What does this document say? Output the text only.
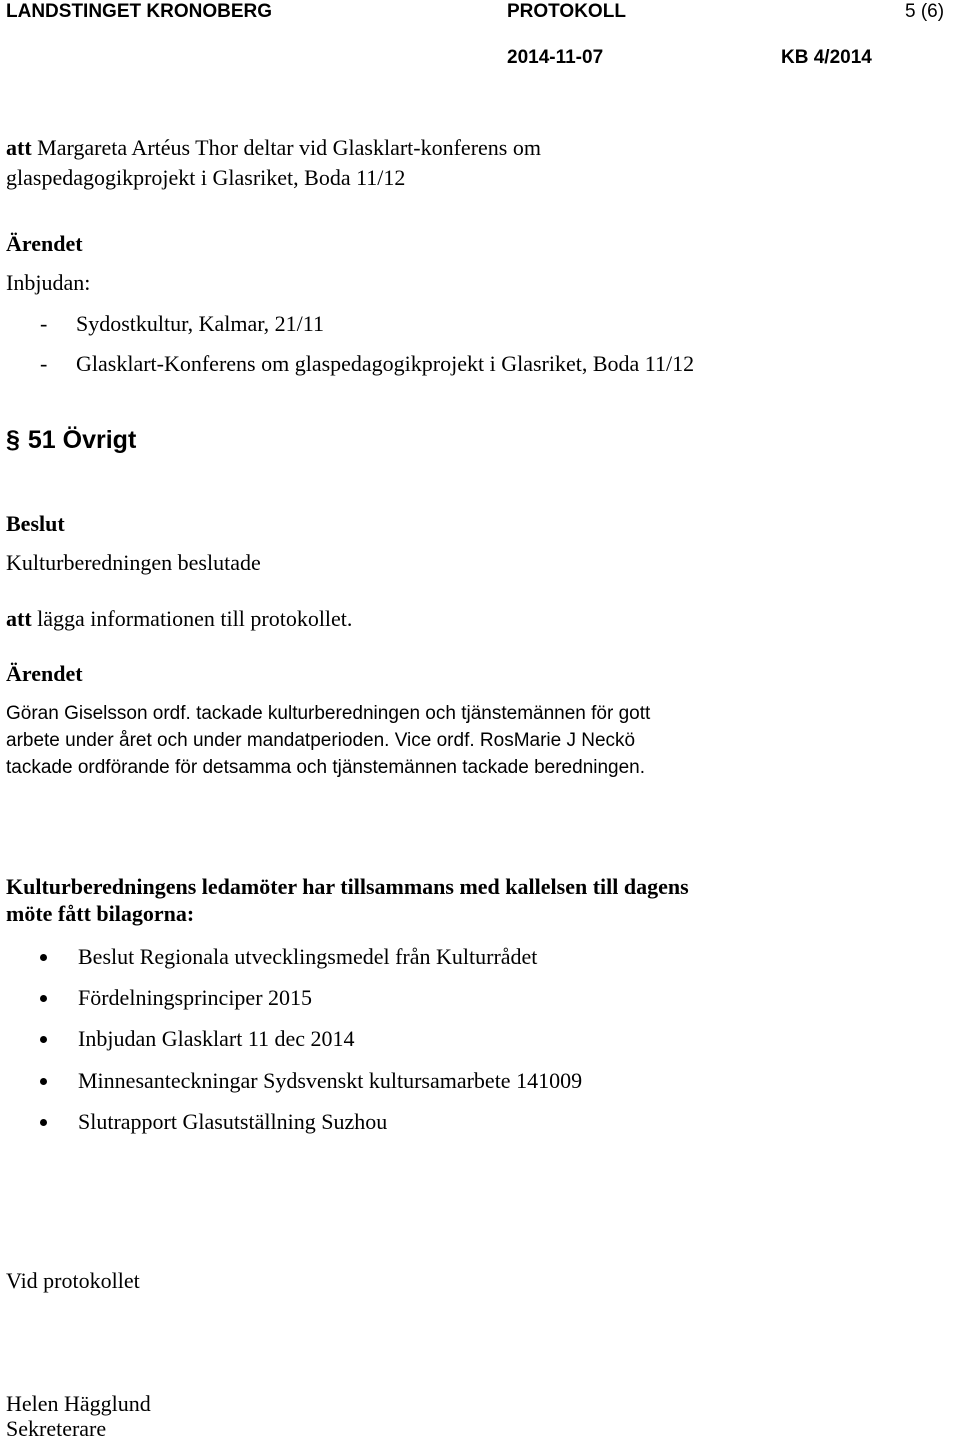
LANDSTINGET KRONOBERG	PROTOKOLL	5 (6)
2014-11-07	KB 4/2014
att Margareta Artéus Thor deltar vid Glasklart-konferens om
glaspedagogikprojekt i Glasriket, Boda 11/12
Ärendet
Inbjudan:
- Sydostkultur, Kalmar, 21/11
- Glasklart-Konferens om glaspedagogikprojekt i Glasriket, Boda 11/12
§ 51 Övrigt
Beslut
Kulturberedningen beslutade
att lägga informationen till protokollet.
Ärendet
Göran Giselsson ordf. tackade kulturberedningen och tjänstemännen för gott
arbete under året och under mandatperioden. Vice ordf. RosMarie J Neckö
tackade ordförande för detsamma och tjänstemännen tackade beredningen.
Kulturberedningens ledamöter har tillsammans med kallelsen till dagens
möte fått bilagorna:
Beslut Regionala utvecklingsmedel från Kulturrådet
Fördelningsprinciper 2015
Inbjudan Glasklart 11 dec 2014
Minnesanteckningar Sydsvenskt kultursamarbete 141009
Slutrapport Glasutställning Suzhou
Vid protokollet
Helen Hägglund
Sekreterare
